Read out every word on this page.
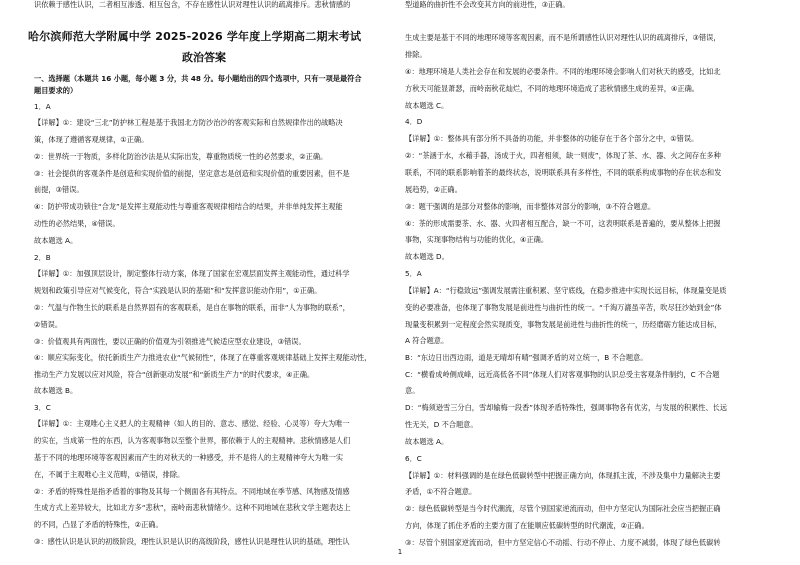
哈尔滨师范大学附属中学 2025-2026 学年度上学期高二期末考试
政治答案
一、选择题（本题共 16 小题，每小题 3 分，共 48 分。每小题给出的四个选项中，只有一项是最符合
题目要求的）
1．A
【详解】①：建设“三北”防护林工程是基于我国北方防沙治沙的客观实际和自然规律作出的战略决
策，体现了遵循客观规律，①正确。
②：世界统一于物质，多样化防治沙法是从实际出发，尊重物质统一性的必然要求，②正确。
③：社会提供的客观条件是创造和实现价值的前提，坚定意志是创造和实现价值的重要因素，但不是
前提，③错误。
④：防护带成功锁住“合龙”是发挥主观能动性与尊重客观规律相结合的结果，并非单纯发挥主观能
动性的必然结果，④错误。
故本题选 A。
2．B
【详解】①：加强顶层设计，制定整体行动方案，体现了国家在宏观层面发挥主观能动性，通过科学
规划和政策引导应对气候变化，符合“实践是认识的基础”和“发挥意识能动作用”，①正确。
②：气温与作物生长的联系是自然界固有的客观联系，是自在事物的联系，而非“人为事物的联系”，
②错误。
③：价值观具有两面性，要以正确的价值观为引领推进气候适应型农业建设，③错误。
④：顺应实际变化，依托新质生产力推进农业“气候韧性”，体现了在尊重客观规律基础上发挥主观能动性，
推动生产力发展以应对风险，符合“创新驱动发展”和“新质生产力”的时代要求，④正确。
故本题选 B。
3．C
【详解】①：主观唯心主义把人的主观精神（如人的目的、意志、感觉、经验、心灵等）夸大为唯一
的实在，当成第一性的东西，认为客观事物以至整个世界，都依赖于人的主观精神。悲秋情感是人们
基于不同的地理环境等客观因素而产生的对秋天的一种感受，并不是将人的主观精神夸大为唯一实
在，不属于主观唯心主义范畴，①错误，排除。
②：矛盾的特殊性是指矛盾着的事物及其每一个侧面各有其特点。不同地域在季节感、风物感及情感
生成方式上差异较大，比如北方多“悲秋”，南岭南悲秋情绪少。这种不同地域在悲秋文学主题表达上
的不同，凸显了矛盾的特殊性，②正确。
③：感性认识是认识的初级阶段，理性认识是认识的高级阶段，感性认识是理性认识的基础，理性认
识依赖于感性认识，二者相互渗透、相互包含，不存在感性认识对理性认识的疏离排斥。悲秋情感的
生成主要是基于不同的地理环境等客观因素，而不是所谓感性认识对理性认识的疏离排斥，③错误，
排除。
④：地理环境是人类社会存在和发展的必要条件。不同的地理环境会影响人们对秋天的感受，比如北
方秋天可能显萧瑟，而岭南秋花灿烂，不同的地理环境造成了悲秋情感生成的差异，④正确。
故本题选 C。
4．D
【详解】①：整体具有部分所不具备的功能，并非整体的功能存在于各个部分之中，①错误。
②：“茶涵于水，水藉手器，汤成于火，四者相须，缺一则废”，体现了茶、水、器、火之间存在多种
联系，不同的联系影响着茶的最终状态，说明联系具有多样性，不同的联系构成事物的存在状态和发
展趋势，②正确。
③：题干强调的是部分对整体的影响，而非整体对部分的影响，③不符合题意。
④：茶的形成需要茶、水、器、火四者相互配合，缺一不可，这表明联系是普遍的，要从整体上把握
事物，实现事物结构与功能的优化，④正确。
故本题选 D。
5．A
【详解】A：“行稳致远”强调发展需注重积累、坚守底线，在稳步推进中实现长远目标，体现量变是质
变的必要准备，也体现了事物发展是前进性与曲折性的统一。“千淘万漉虽辛苦，吹尽狂沙始到金”体
现量变积累到一定程度会然实现质变，事物发展是前进性与曲折性的统一，历经磨砺方能达成目标，
A 符合题意。
B：“东边日出西边雨，道是无晴却有晴”强调矛盾的对立统一，B 不合题意。
C：“横看成岭侧成峰，远近高低各不同”体现人们对客观事物的认识总受主客观条件制约，C 不合题
意。
D：“梅须逊雪三分白，雪却输梅一段香”体现矛盾特殊性，强调事物各有优劣，与发展的积累性、长远
性无关，D 不合题意。
故本题选 A。
6．C
【详解】①：材料强调的是在绿色低碳转型中把握正确方向，体现抓主流，不涉及集中力量解决主要
矛盾，①不符合题意。
②：绿色低碳转型是当今时代潮流，尽管个别国家逆流而动，但中方坚定认为国际社会应当把握正确
方向，体现了抓住矛盾的主要方面了在能顺应低碳转型的时代潮流，②正确。
③：尽管个别国家逆流而动，但中方坚定信心不动摇、行动不停止、力度不减弱，体现了绿色低碳转
型道路的曲折性不会改变其方向的前进性，③正确。
1
